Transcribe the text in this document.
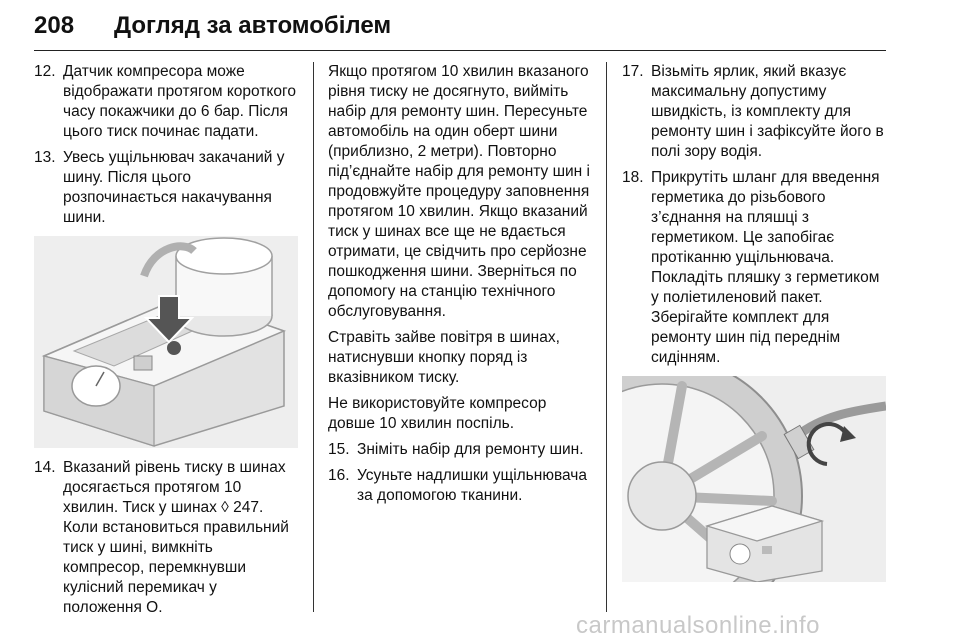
208 Догляд за автомобілем
12. Датчик компресора може відображати протягом короткого часу покажчики до 6 бар. Після цього тиск починає падати.
13. Увесь ущільнювач закачаний у шину. Після цього розпочинається накачування шини.
14. Вказаний рівень тиску в шинах досягається протягом 10 хвилин. Тиск у шинах ◊ 247. Коли встановиться правильний тиск у шині, вимкніть компресор, перемкнувши кулісний перемикач у положення О.

Якщо протягом 10 хвилин вказаного рівня тиску не досягнуто, вийміть набір для ремонту шин. Пересуньте автомобіль на один оберт шини (приблизно, 2 метри). Повторно під’єднайте набір для ремонту шин і продовжуйте процедуру заповнення протягом 10 хвилин. Якщо вказаний тиск у шинах все ще не вдається отримати, це свідчить про серйозне пошкодження шини. Зверніться по допомогу на станцію технічного обслуговування.

Стравіть зайве повітря в шинах, натиснувши кнопку поряд із вказівником тиску.

Не використовуйте компресор довше 10 хвилин поспіль.

15. Зніміть набір для ремонту шин.
16. Усуньте надлишки ущільнювача за допомогою тканини.
17. Візьміть ярлик, який вказує максимальну допустиму швидкість, із комплекту для ремонту шин і зафіксуйте його в полі зору водія.
18. Прикрутіть шланг для введення герметика до різьбового з’єднання на пляшці з герметиком. Це запобігає протіканню ущільнювача. Покладіть пляшку з герметиком у поліетиленовий пакет. Зберігайте комплект для ремонту шин під переднім сидінням.
carmanualsonline.info
